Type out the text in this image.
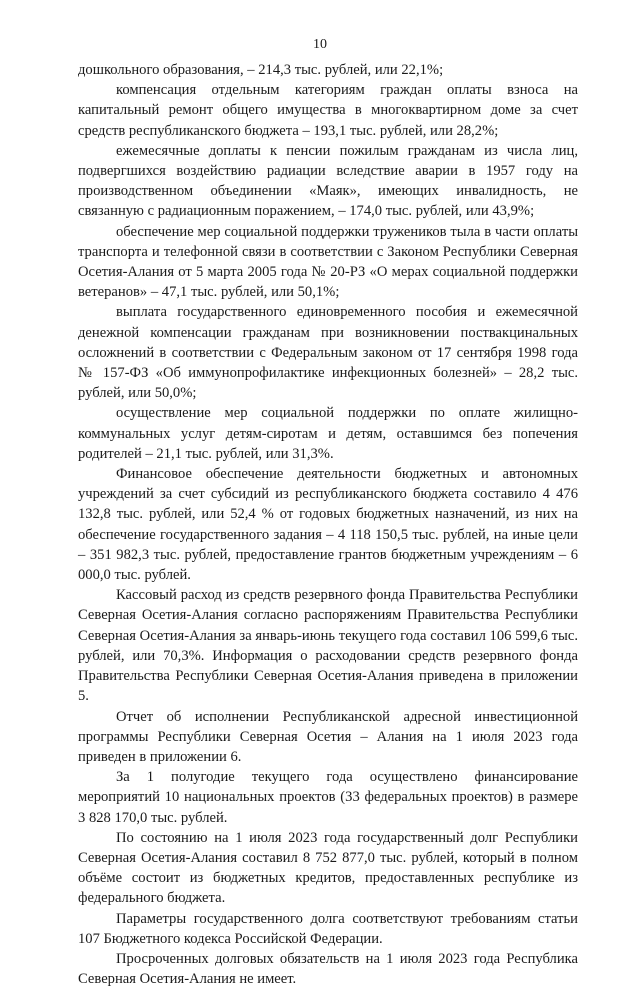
10

дошкольного образования, – 214,3 тыс. рублей, или 22,1%;

компенсация отдельным категориям граждан оплаты взноса на капитальный ремонт общего имущества в многоквартирном доме за счет средств республиканского бюджета – 193,1 тыс. рублей, или 28,2%;

ежемесячные доплаты к пенсии пожилым гражданам из числа лиц, подвергшихся воздействию радиации вследствие аварии в 1957 году на производственном объединении «Маяк», имеющих инвалидность, не связанную с радиационным поражением, – 174,0 тыс. рублей, или 43,9%;

обеспечение мер социальной поддержки тружеников тыла в части оплаты транспорта и телефонной связи в соответствии с Законом Республики Северная Осетия-Алания от 5 марта 2005 года № 20-РЗ «О мерах социальной поддержки ветеранов» – 47,1 тыс. рублей, или 50,1%;

выплата государственного единовременного пособия и ежемесячной денежной компенсации гражданам при возникновении поствакцинальных осложнений в соответствии с Федеральным законом от 17 сентября 1998 года № 157-ФЗ «Об иммунопрофилактике инфекционных болезней» – 28,2 тыс. рублей, или 50,0%;

осуществление мер социальной поддержки по оплате жилищно-коммунальных услуг детям-сиротам и детям, оставшимся без попечения родителей – 21,1 тыс. рублей, или 31,3%.

Финансовое обеспечение деятельности бюджетных и автономных учреждений за счет субсидий из республиканского бюджета составило 4 476 132,8 тыс. рублей, или 52,4 % от годовых бюджетных назначений, из них на обеспечение государственного задания – 4 118 150,5 тыс. рублей, на иные цели – 351 982,3 тыс. рублей, предоставление грантов бюджетным учреждениям – 6 000,0 тыс. рублей.

Кассовый расход из средств резервного фонда Правительства Республики Северная Осетия-Алания согласно распоряжениям Правительства Республики Северная Осетия-Алания за январь-июнь текущего года составил 106 599,6 тыс. рублей, или 70,3%. Информация о расходовании средств резервного фонда Правительства Республики Северная Осетия-Алания приведена в приложении 5.

Отчет об исполнении Республиканской адресной инвестиционной программы Республики Северная Осетия – Алания на 1 июля 2023 года приведен в приложении 6.

За 1 полугодие текущего года осуществлено финансирование мероприятий 10 национальных проектов (33 федеральных проектов) в размере 3 828 170,0 тыс. рублей.

По состоянию на 1 июля 2023 года государственный долг Республики Северная Осетия-Алания составил 8 752 877,0 тыс. рублей, который в полном объёме состоит из бюджетных кредитов, предоставленных республике из федерального бюджета.

Параметры государственного долга соответствуют требованиям статьи 107 Бюджетного кодекса Российской Федерации.

Просроченных долговых обязательств на 1 июля 2023 года Республика Северная Осетия-Алания не имеет.
